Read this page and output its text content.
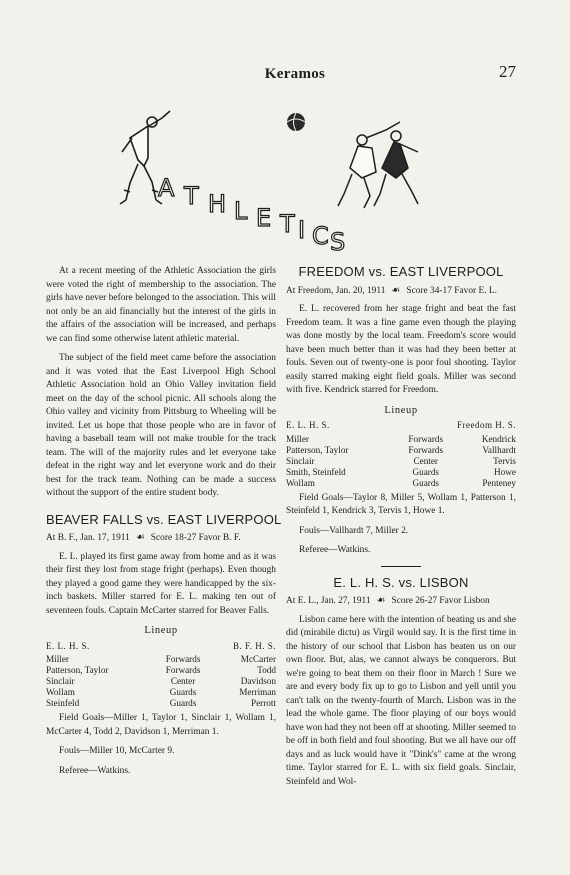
Keramos	27
A T H L E T I C S

At a recent meeting of the Athletic Association the girls were voted the right of membership to the association. The girls have never before belonged to the association. This will not only be an aid financially but the interest of the girls in the affairs of the association will be increased, and perhaps we can find some otherwise latent athletic material.

The subject of the field meet came before the association and it was voted that the East Liverpool High School Athletic Association hold an Ohio Valley invitation field meet on the day of the school picnic. All schools along the Ohio valley and vicinity from Pittsburg to Wheeling will be invited. Let us hope that those people who are in favor of having a baseball team will not make trouble for the track team. The will of the majority rules and let everyone take defeat in the right way and let everyone work and do their best for the track team. Nothing can be made a success without the support of the entire student body.

BEAVER FALLS vs. EAST LIVERPOOL
At B. F., Jan. 17, 1911 ☙ Score 18-27 Favor B. F.

E. L. played its first game away from home and as it was their first they lost from stage fright (perhaps). Even though they played a good game they were handicapped by the six-inch baskets. Miller starred for E. L. making ten out of seventeen fouls. Captain McCarter starred for Beaver Falls.

Lineup
E. L. H. S.	B. F. H. S.
Miller	Forwards	McCarter
Patterson, Taylor	Forwards	Todd
Sinclair	Center	Davidson
Wollam	Guards	Merriman
Steinfeld	Guards	Perrott

Field Goals—Miller 1, Taylor 1, Sinclair 1, Wollam 1, McCarter 4, Todd 2, Davidson 1, Merriman 1.

Fouls—Miller 10, McCarter 9.

Referee—Watkins.

FREEDOM vs. EAST LIVERPOOL
At Freedom, Jan. 20, 1911 ☙ Score 34-17 Favor E. L.

E. L. recovered from her stage fright and beat the fast Freedom team. It was a fine game even though the playing was done mostly by the local team. Freedom's score would have been much better than it was had they been better at fouls. Seven out of twenty-one is poor foul shooting. Taylor easily starred making eight field goals. Miller was second with five. Kendrick starred for Freedom.

Lineup
E. L. H. S.	Freedom H. S.
Miller	Forwards	Kendrick
Patterson, Taylor	Forwards	Vallhardt
Sinclair	Center	Tervis
Smith, Steinfeld	Guards	Howe
Wollam	Guards	Penteney

Field Goals—Taylor 8, Miller 5, Wollam 1, Patterson 1, Steinfeld 1, Kendrick 3, Tervis 1, Howe 1.

Fouls—Vallhardt 7, Miller 2.

Referee—Watkins.

E. L. H. S. vs. LISBON
At E. L., Jan. 27, 1911 ☙ Score 26-27 Favor Lisbon

Lisbon came here with the intention of beating us and she did (mirabile dictu) as Virgil would say. It is the first time in the history of our school that Lisbon has beaten us on our own floor. But, alas, we cannot always be conquerors. But we're going to beat them on their floor in March ! Sure we are and every body fix up to go to Lisbon and yell until you can't talk on the twenty-fourth of March. Lisbon was in the lead the whole game. The floor playing of our boys would have won had they not been off at shooting. Miller seemed to be off in both field and foul shooting. But we all have our off days and as luck would have it "Dink's" came at the wrong time. Taylor starred for E. L. with six field goals. Sinclair, Steinfeld and Wol-
